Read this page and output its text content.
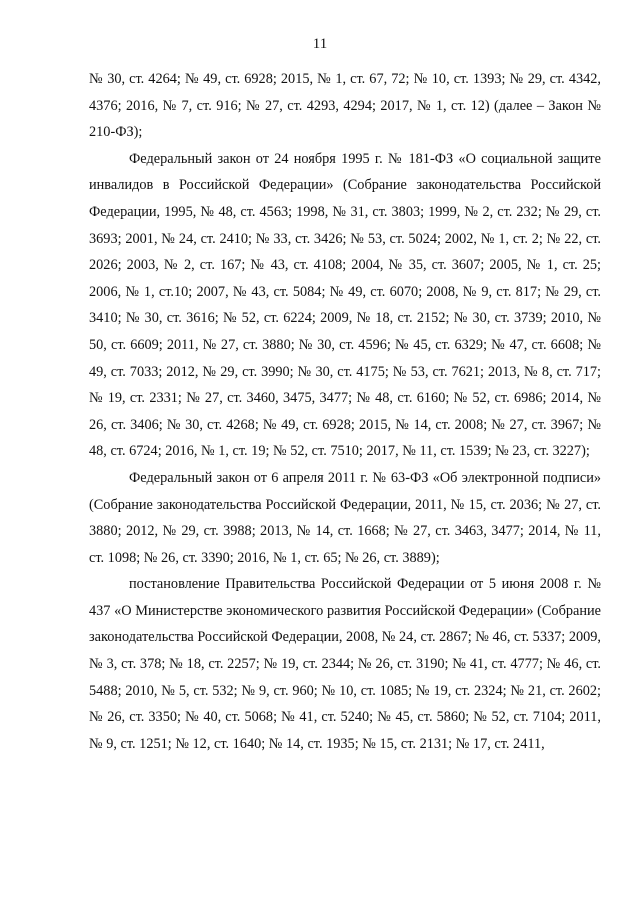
11

№ 30, ст. 4264; № 49, ст. 6928; 2015, № 1, ст. 67, 72; № 10, ст. 1393; № 29, ст. 4342, 4376; 2016, № 7, ст. 916; № 27, ст. 4293, 4294; 2017, № 1, ст. 12) (далее – Закон № 210-ФЗ);

Федеральный закон от 24 ноября 1995 г. № 181-ФЗ «О социальной защите инвалидов в Российской Федерации» (Собрание законодательства Российской Федерации, 1995, № 48, ст. 4563; 1998, № 31, ст. 3803; 1999, № 2, ст. 232; № 29, ст. 3693; 2001, № 24, ст. 2410; № 33, ст. 3426; № 53, ст. 5024; 2002, № 1, ст. 2; № 22, ст. 2026; 2003, № 2, ст. 167; № 43, ст. 4108; 2004, № 35, ст. 3607; 2005, № 1, ст. 25; 2006, № 1, ст.10; 2007, № 43, ст. 5084; № 49, ст. 6070; 2008, № 9, ст. 817; № 29, ст. 3410; № 30, ст. 3616; № 52, ст. 6224; 2009, № 18, ст. 2152; № 30, ст. 3739; 2010, № 50, ст. 6609; 2011, № 27, ст. 3880; № 30, ст. 4596; № 45, ст. 6329; № 47, ст. 6608; № 49, ст. 7033; 2012, № 29, ст. 3990; № 30, ст. 4175; № 53, ст. 7621; 2013, № 8, ст. 717; № 19, ст. 2331; № 27, ст. 3460, 3475, 3477; № 48, ст. 6160; № 52, ст. 6986; 2014, № 26, ст. 3406; № 30, ст. 4268; № 49, ст. 6928; 2015, № 14, ст. 2008; № 27, ст. 3967; № 48, ст. 6724; 2016, № 1, ст. 19; № 52, ст. 7510; 2017, № 11, ст. 1539; № 23, ст. 3227);

Федеральный закон от 6 апреля 2011 г. № 63-ФЗ «Об электронной подписи» (Собрание законодательства Российской Федерации, 2011, № 15, ст. 2036; № 27, ст. 3880; 2012, № 29, ст. 3988; 2013, № 14, ст. 1668; № 27, ст. 3463, 3477; 2014, № 11, ст. 1098; № 26, ст. 3390; 2016, № 1, ст. 65; № 26, ст. 3889);

постановление Правительства Российской Федерации от 5 июня 2008 г. № 437 «О Министерстве экономического развития Российской Федерации» (Собрание законодательства Российской Федерации, 2008, № 24, ст. 2867; № 46, ст. 5337; 2009, № 3, ст. 378; № 18, ст. 2257; № 19, ст. 2344; № 26, ст. 3190; № 41, ст. 4777; № 46, ст. 5488; 2010, № 5, ст. 532; № 9, ст. 960; № 10, ст. 1085; № 19, ст. 2324; № 21, ст. 2602; № 26, ст. 3350; № 40, ст. 5068; № 41, ст. 5240; № 45, ст. 5860; № 52, ст. 7104; 2011, № 9, ст. 1251; № 12, ст. 1640; № 14, ст. 1935; № 15, ст. 2131; № 17, ст. 2411,
